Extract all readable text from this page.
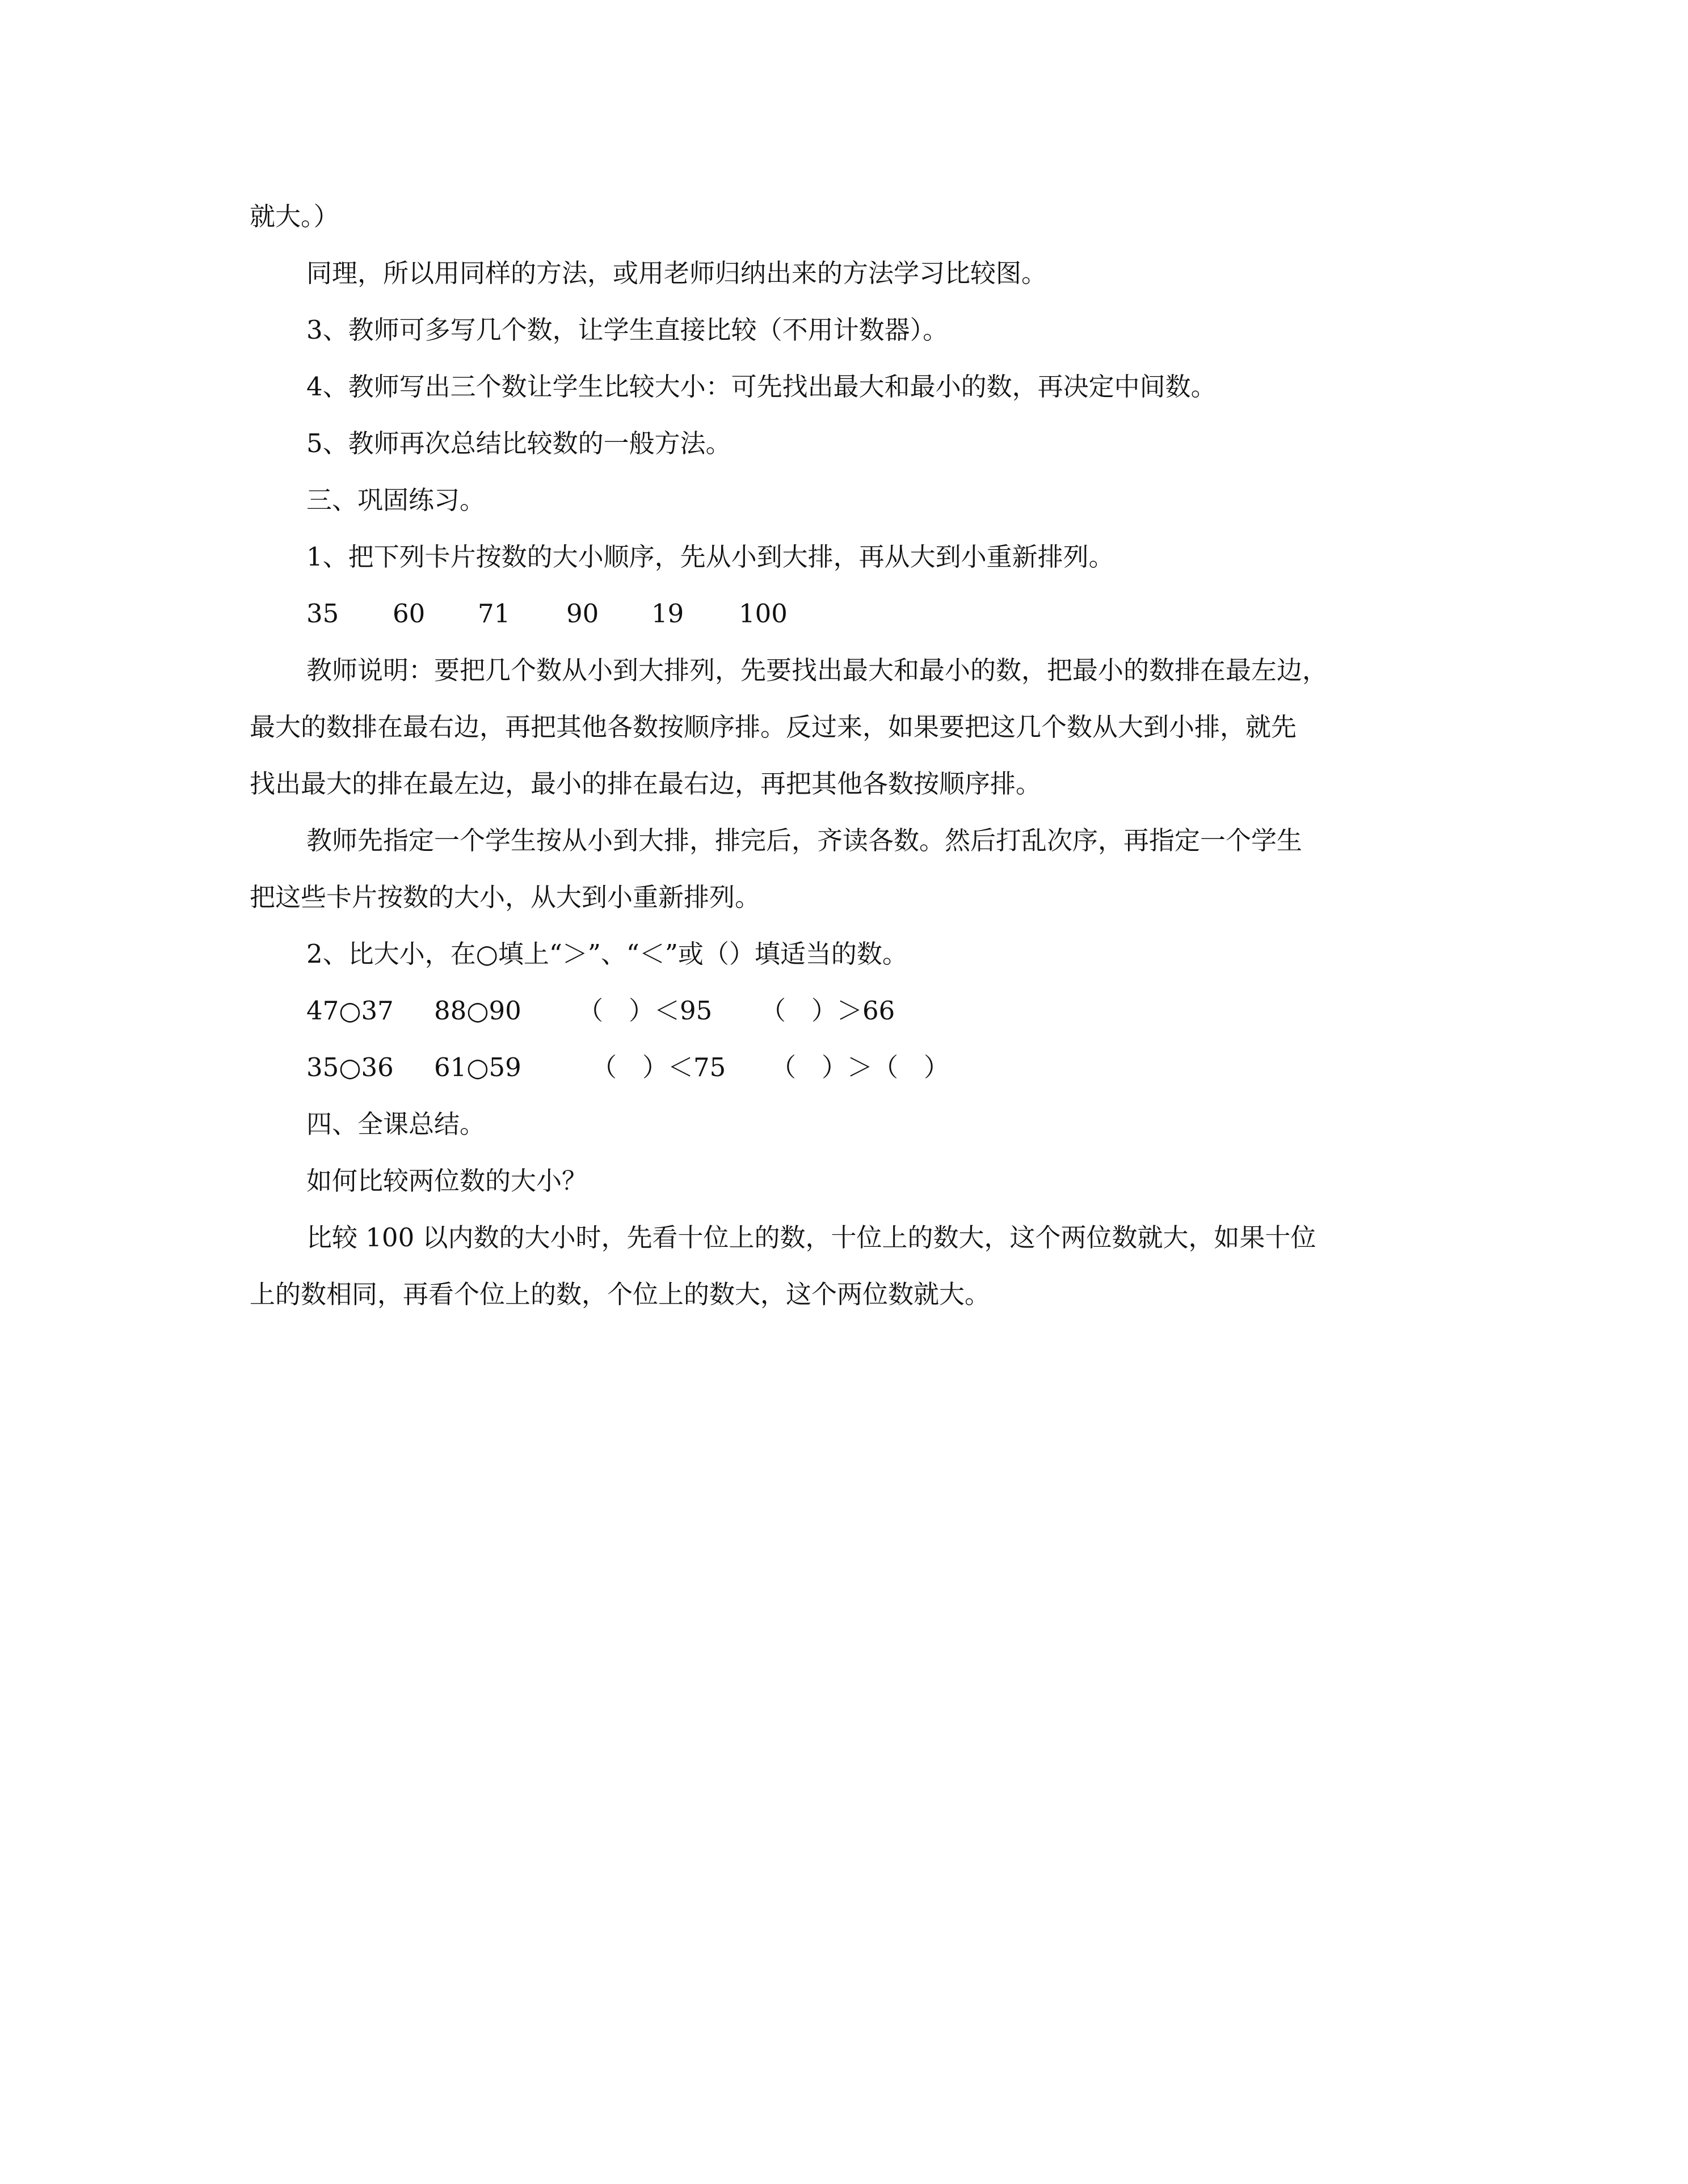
就大。）
同理，所以用同样的方法，或用老师归纳出来的方法学习比较图。
3、教师可多写几个数，让学生直接比较（不用计数器）。
4、教师写出三个数让学生比较大小：可先找出最大和最小的数，再决定中间数。
5、教师再次总结比较数的一般方法。
三、巩固练习。
1、把下列卡片按数的大小顺序，先从小到大排，再从大到小重新排列。
35 60 71 90 19 100
教师说明：要把几个数从小到大排列，先要找出最大和最小的数，把最小的数排在最左边，
最大的数排在最右边，再把其他各数按顺序排。反过来，如果要把这几个数从大到小排，就先
找出最大的排在最左边，最小的排在最右边，再把其他各数按顺序排。
教师先指定一个学生按从小到大排，排完后，齐读各数。然后打乱次序，再指定一个学生
把这些卡片按数的大小，从大到小重新排列。
2、比大小，在○填上“＞”、“＜”或（）填适当的数。
47○37 88○90 （　）＜95 （　）＞66
35○36 61○59	（　）＜75 （　）＞（　）
四、全课总结。
如何比较两位数的大小？
比较 100 以内数的大小时，先看十位上的数，十位上的数大，这个两位数就大，如果十位
上的数相同，再看个位上的数，个位上的数大，这个两位数就大。
